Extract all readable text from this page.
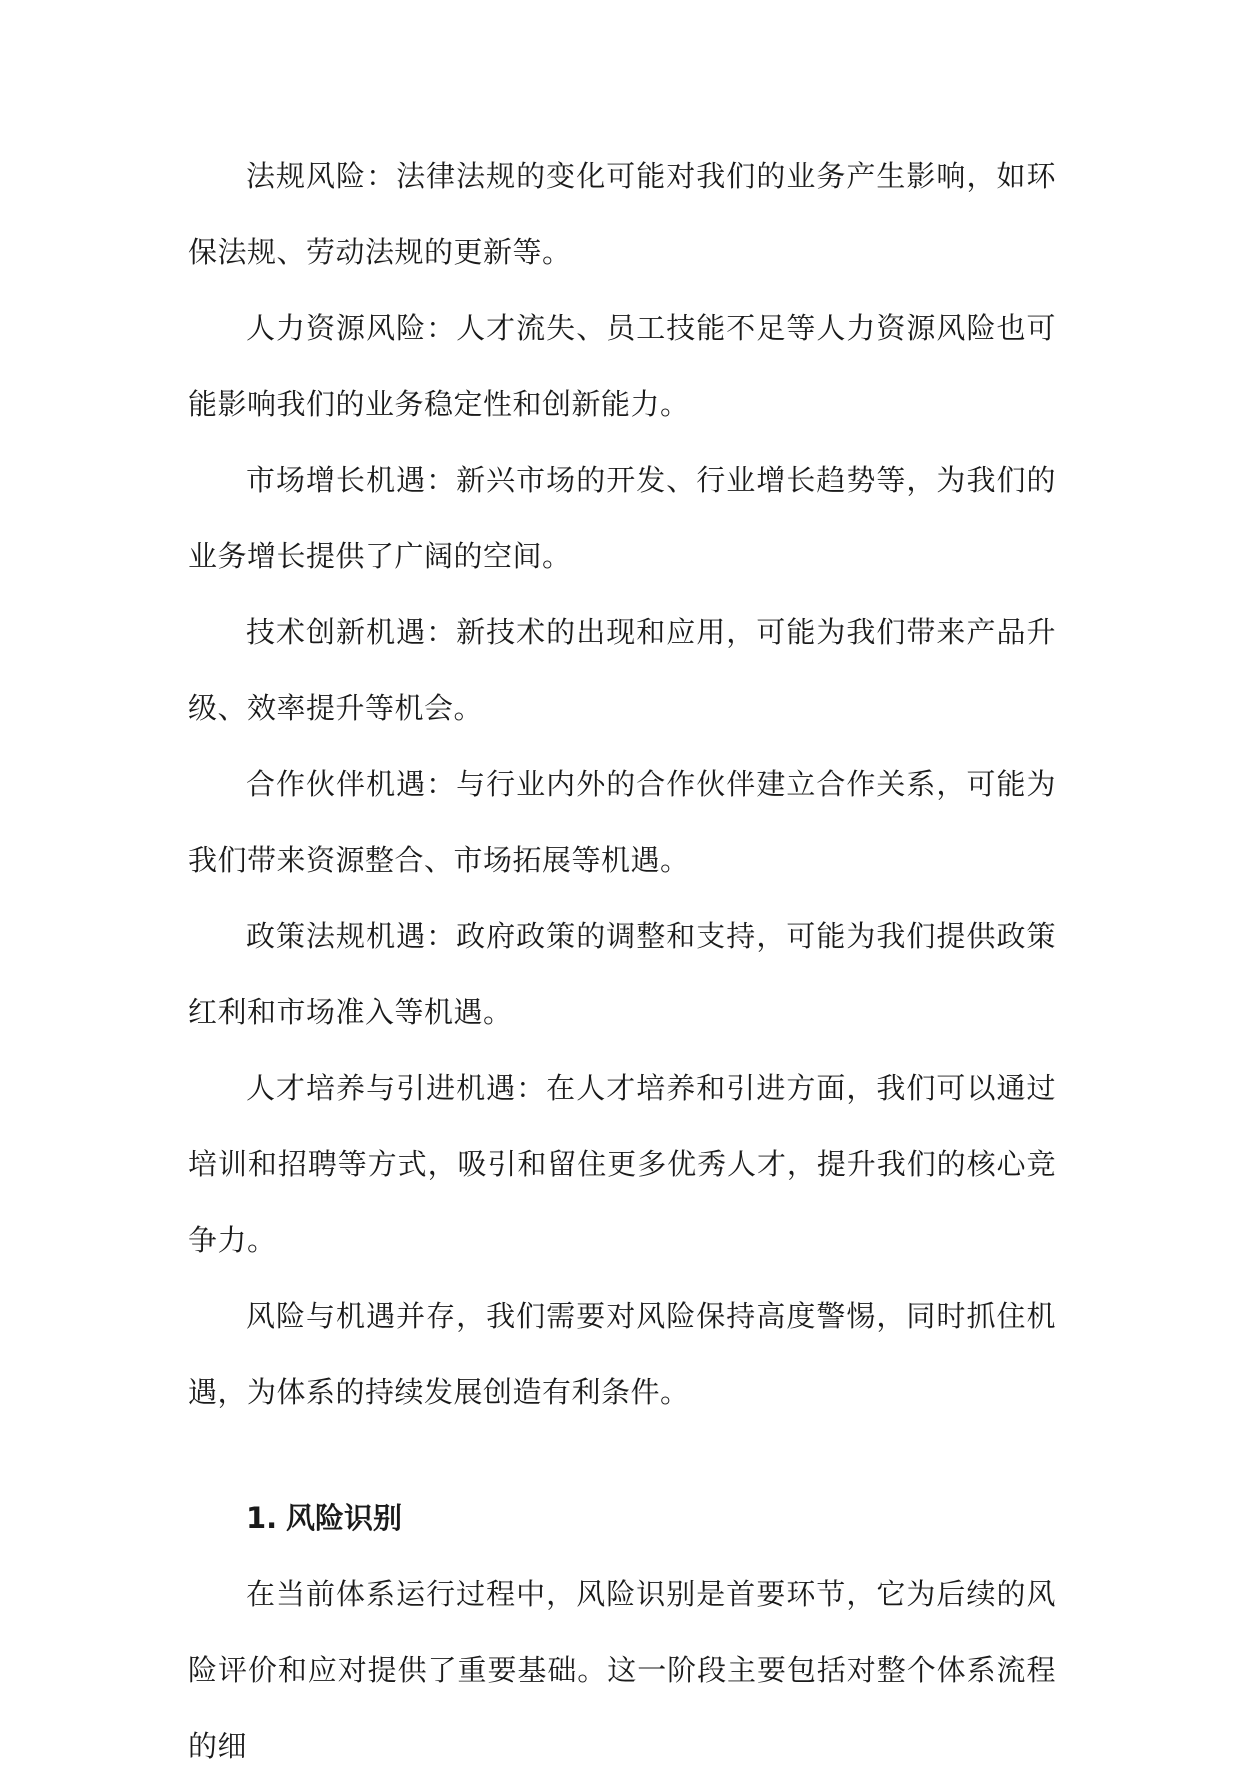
法规风险：法律法规的变化可能对我们的业务产生影响，如环保法规、劳动法规的更新等。

人力资源风险：人才流失、员工技能不足等人力资源风险也可能影响我们的业务稳定性和创新能力。

市场增长机遇：新兴市场的开发、行业增长趋势等，为我们的业务增长提供了广阔的空间。

技术创新机遇：新技术的出现和应用，可能为我们带来产品升级、效率提升等机会。

合作伙伴机遇：与行业内外的合作伙伴建立合作关系，可能为我们带来资源整合、市场拓展等机遇。

政策法规机遇：政府政策的调整和支持，可能为我们提供政策红利和市场准入等机遇。

人才培养与引进机遇：在人才培养和引进方面，我们可以通过培训和招聘等方式，吸引和留住更多优秀人才，提升我们的核心竞争力。

风险与机遇并存，我们需要对风险保持高度警惕，同时抓住机遇，为体系的持续发展创造有利条件。

1. 风险识别

在当前体系运行过程中，风险识别是首要环节，它为后续的风险评价和应对提供了重要基础。这一阶段主要包括对整个体系流程的细
